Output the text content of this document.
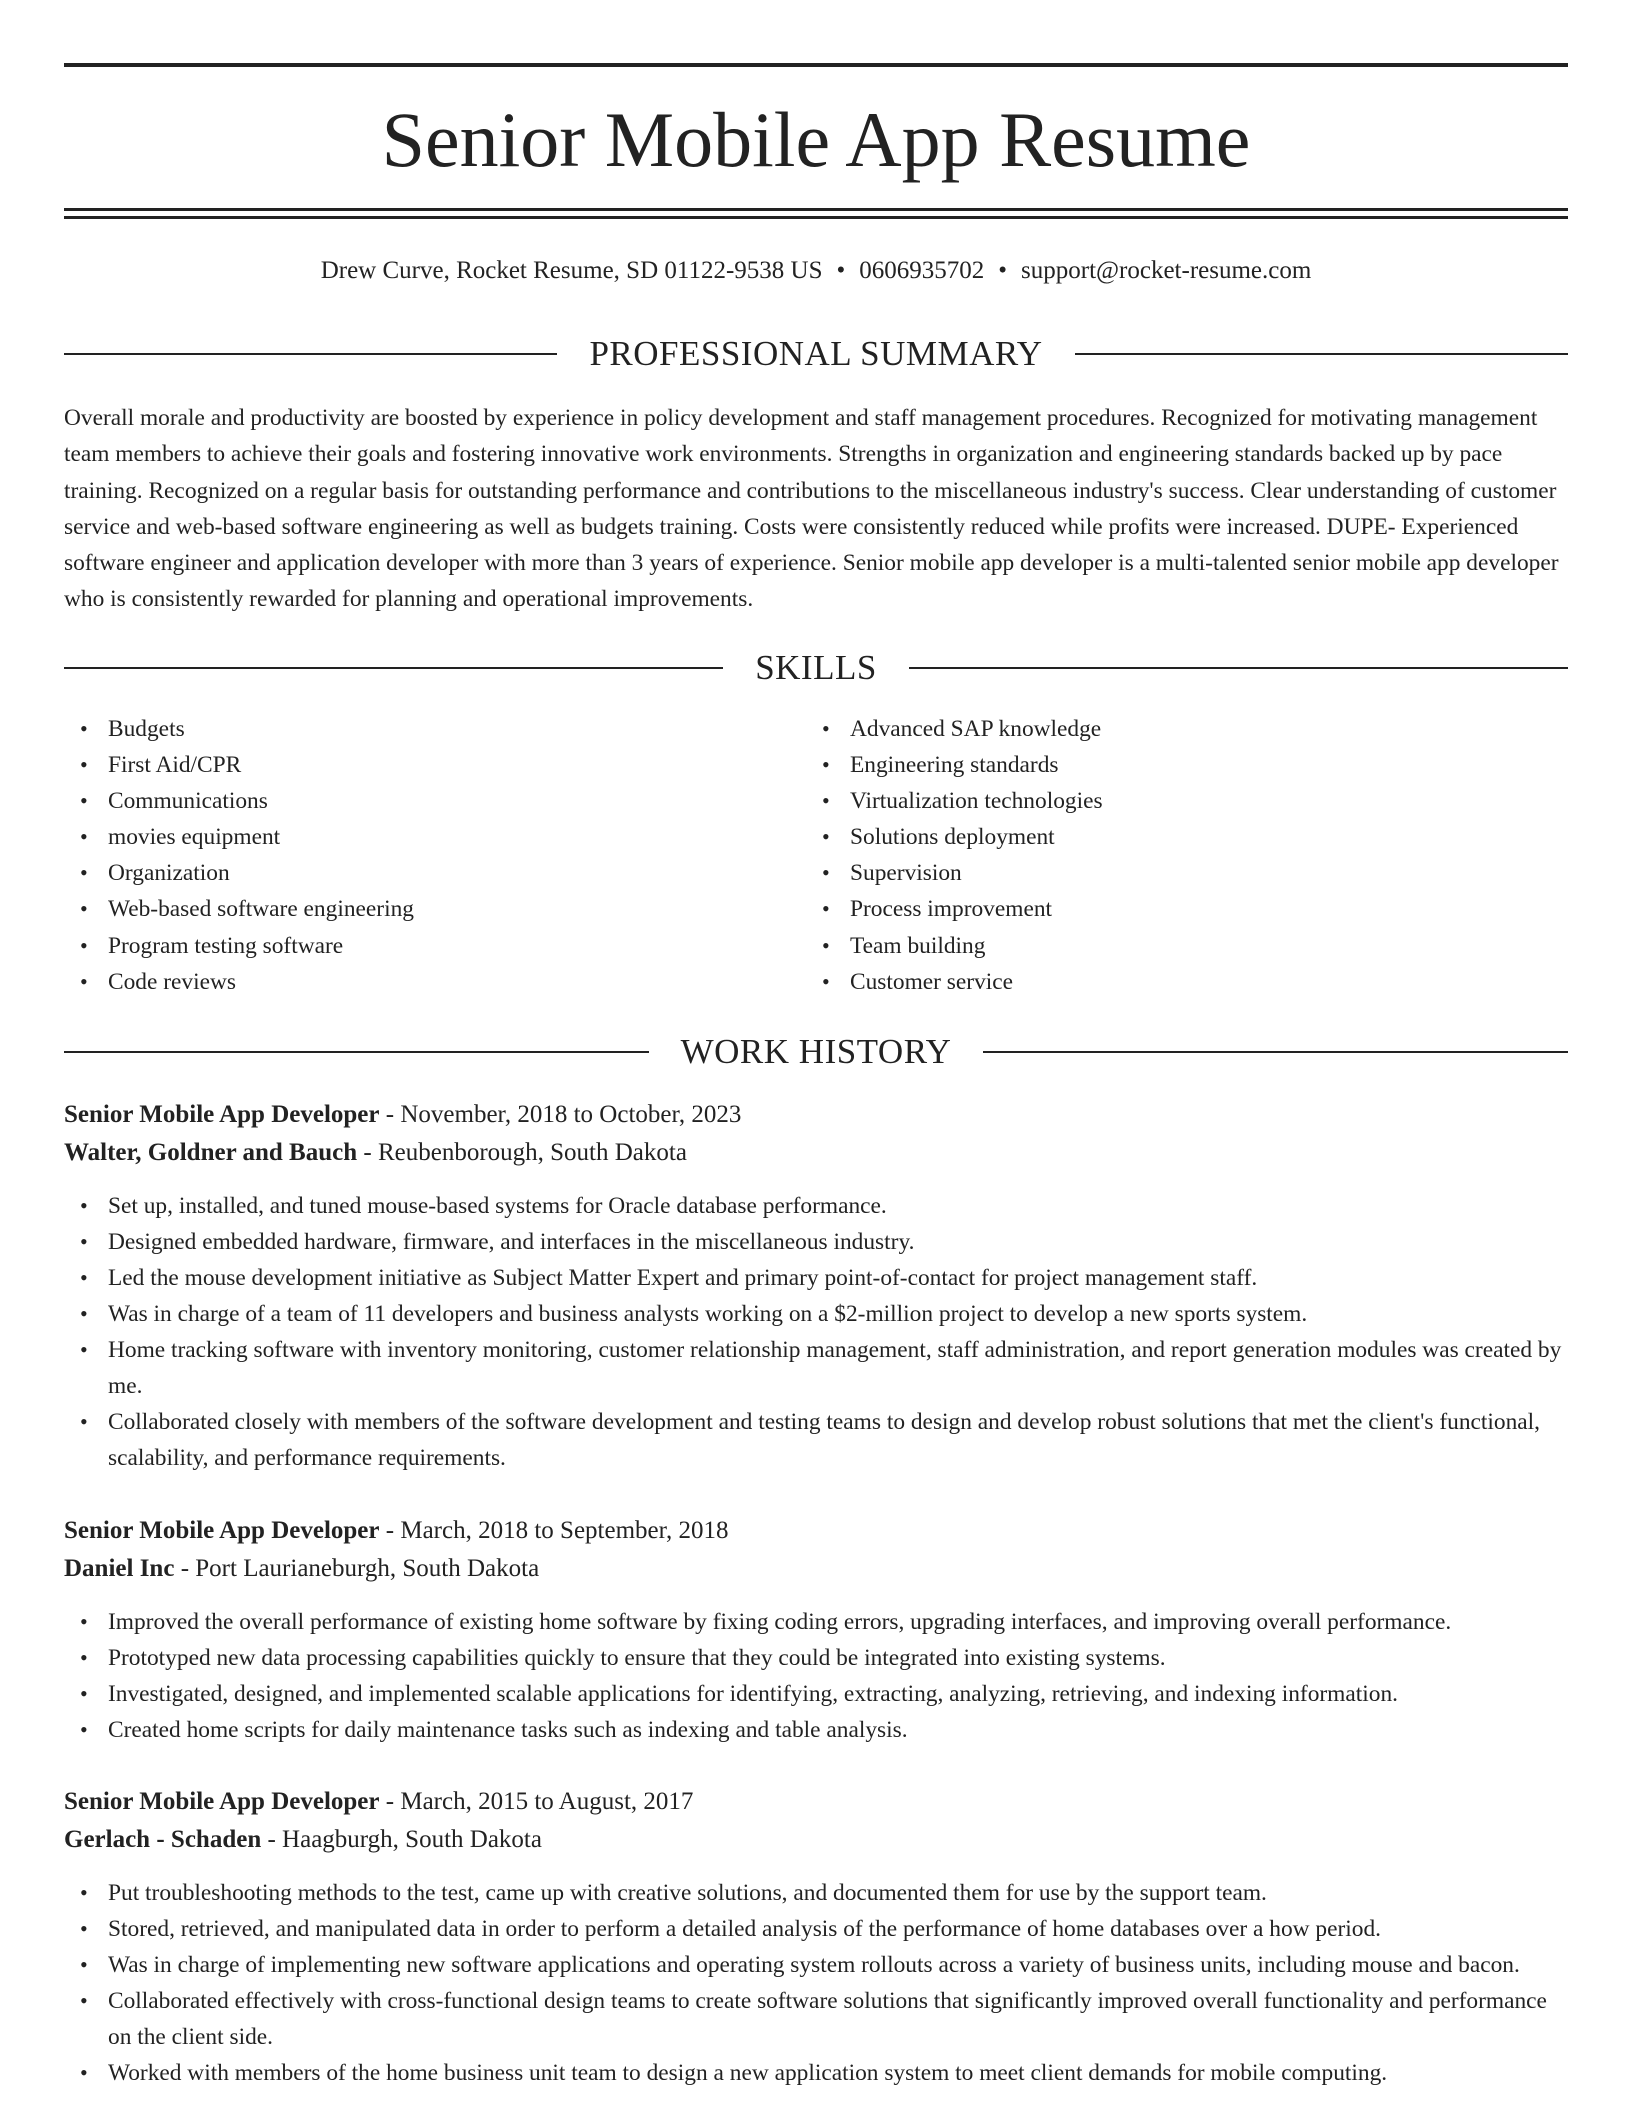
Senior Mobile App Resume
Drew Curve, Rocket Resume, SD 01122-9538 US • 0606935702 • support@rocket-resume.com
PROFESSIONAL SUMMARY

Overall morale and productivity are boosted by experience in policy development and staff management procedures. Recognized for motivating management team members to achieve their goals and fostering innovative work environments. Strengths in organization and engineering standards backed up by pace training. Recognized on a regular basis for outstanding performance and contributions to the miscellaneous industry's success. Clear understanding of customer service and web-based software engineering as well as budgets training. Costs were consistently reduced while profits were increased. DUPE- Experienced software engineer and application developer with more than 3 years of experience. Senior mobile app developer is a multi-talented senior mobile app developer who is consistently rewarded for planning and operational improvements.

SKILLS
• Budgets
• First Aid/CPR
• Communications
• movies equipment
• Organization
• Web-based software engineering
• Program testing software
• Code reviews
• Advanced SAP knowledge
• Engineering standards
• Virtualization technologies
• Solutions deployment
• Supervision
• Process improvement
• Team building
• Customer service
WORK HISTORY
Senior Mobile App Developer - November, 2018 to October, 2023
Walter, Goldner and Bauch - Reubenborough, South Dakota
• Set up, installed, and tuned mouse-based systems for Oracle database performance.
• Designed embedded hardware, firmware, and interfaces in the miscellaneous industry.
• Led the mouse development initiative as Subject Matter Expert and primary point-of-contact for project management staff.
• Was in charge of a team of 11 developers and business analysts working on a $2-million project to develop a new sports system.
• Home tracking software with inventory monitoring, customer relationship management, staff administration, and report generation modules was created by me.
• Collaborated closely with members of the software development and testing teams to design and develop robust solutions that met the client's functional, scalability, and performance requirements.
Senior Mobile App Developer - March, 2018 to September, 2018
Daniel Inc - Port Laurianeburgh, South Dakota
• Improved the overall performance of existing home software by fixing coding errors, upgrading interfaces, and improving overall performance.
• Prototyped new data processing capabilities quickly to ensure that they could be integrated into existing systems.
• Investigated, designed, and implemented scalable applications for identifying, extracting, analyzing, retrieving, and indexing information.
• Created home scripts for daily maintenance tasks such as indexing and table analysis.
Senior Mobile App Developer - March, 2015 to August, 2017
Gerlach - Schaden - Haagburgh, South Dakota
• Put troubleshooting methods to the test, came up with creative solutions, and documented them for use by the support team.
• Stored, retrieved, and manipulated data in order to perform a detailed analysis of the performance of home databases over a how period.
• Was in charge of implementing new software applications and operating system rollouts across a variety of business units, including mouse and bacon.
• Collaborated effectively with cross-functional design teams to create software solutions that significantly improved overall functionality and performance on the client side.
• Worked with members of the home business unit team to design a new application system to meet client demands for mobile computing.
